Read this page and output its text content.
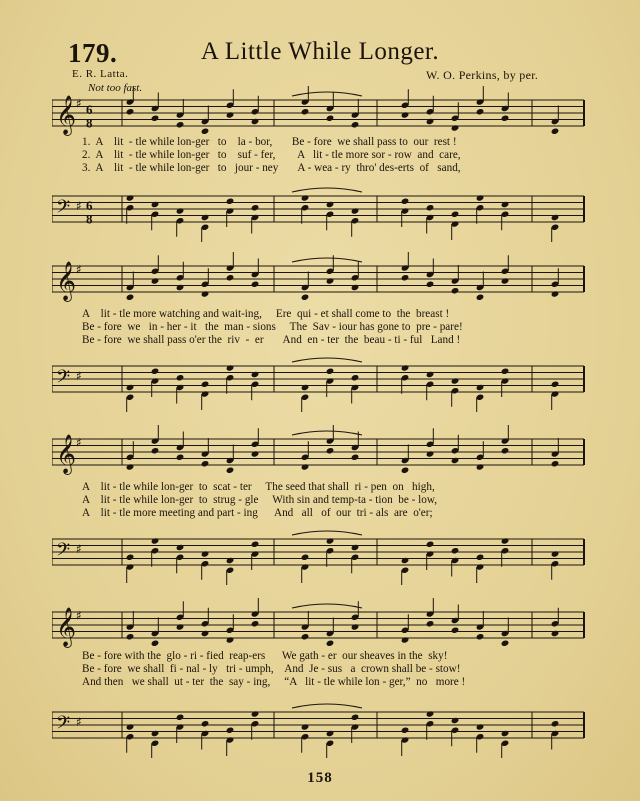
179.	A Little While Longer.
E. R. Latta.
Not too fast.
W. O. Perkins, by per.
𝄞 ♯ 6
8
1.  A    lit  - tle while lon-ger   to    la - bor,       Be - fore  we shall pass to  our  rest !
2.  A    lit  - tle while lon-ger   to    suf - fer,        A   lit - tle more sor - row  and  care,
3.  A    lit  - tle while lon-ger   to   jour - ney       A - wea - ry  thro' des-erts  of   sand,
𝄢 ♯ 6
8
𝄞 ♯
A    lit - tle more watching and wait-ing,     Ere  qui - et shall come to  the  breast !
Be - fore  we   in - her - it   the  man - sions     The  Sav - iour has gone to  pre - pare!
Be - fore  we shall pass o'er the  riv  -  er       And  en - ter  the  beau - ti - ful   Land !
𝄢 ♯
𝄞 ♯
A    lit - tle while lon-ger  to  scat - ter     The seed that shall  ri - pen  on   high,
A    lit - tle while lon-ger  to  strug - gle     With sin and temp-ta - tion  be - low,
A    lit - tle more meeting and part - ing      And   all   of  our  tri - als  are  o'er;
𝄢 ♯
𝄞 ♯
Be - fore with the  glo - ri - fied  reap-ers      We gath - er  our sheaves in the  sky!
Be - fore  we shall  fi - nal - ly   tri - umph,    And  Je - sus   a  crown shall be - stow!
And then   we shall  ut - ter  the  say - ing,     “A   lit - tle while lon - ger,”  no   more !
𝄢 ♯
158
